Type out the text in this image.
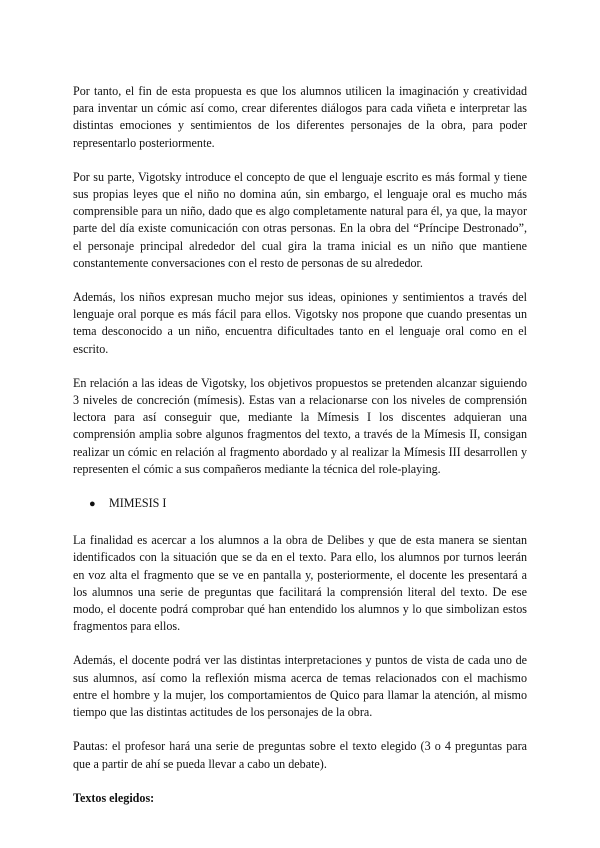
Por tanto, el fin de esta propuesta es que los alumnos utilicen la imaginación y creatividad para inventar un cómic así como, crear diferentes diálogos para cada viñeta e interpretar las distintas emociones y sentimientos de los diferentes personajes de la obra, para poder representarlo posteriormente.

Por su parte, Vigotsky introduce el concepto de que el lenguaje escrito es más formal y tiene sus propias leyes que el niño no domina aún, sin embargo, el lenguaje oral es mucho más comprensible para un niño, dado que es algo completamente natural para él, ya que, la mayor parte del día existe comunicación con otras personas. En la obra del “Príncipe Destronado”, el personaje principal alrededor del cual gira la trama inicial es un niño que mantiene constantemente conversaciones con el resto de personas de su alrededor.

Además, los niños expresan mucho mejor sus ideas, opiniones y sentimientos a través del lenguaje oral porque es más fácil para ellos. Vigotsky nos propone que cuando presentas un tema desconocido a un niño, encuentra dificultades tanto en el lenguaje oral como en el escrito.

En relación a las ideas de Vigotsky, los objetivos propuestos se pretenden alcanzar siguiendo 3 niveles de concreción (mímesis). Estas van a relacionarse con los niveles de comprensión lectora para así conseguir que, mediante la Mímesis I los discentes adquieran una comprensión amplia sobre algunos fragmentos del texto, a través de la Mímesis II, consigan realizar un cómic en relación al fragmento abordado y al realizar la Mímesis III desarrollen y representen el cómic a sus compañeros mediante la técnica del role-playing.

●	MIMESIS I

La finalidad es acercar a los alumnos a la obra de Delibes y que de esta manera se sientan identificados con la situación que se da en el texto. Para ello, los alumnos por turnos leerán en voz alta el fragmento que se ve en pantalla y, posteriormente, el docente les presentará a los alumnos una serie de preguntas que facilitará la comprensión literal del texto. De ese modo, el docente podrá comprobar qué han entendido los alumnos y lo que simbolizan estos fragmentos para ellos.

Además, el docente podrá ver las distintas interpretaciones y puntos de vista de cada uno de sus alumnos, así como la reflexión misma acerca de temas relacionados con el machismo entre el hombre y la mujer, los comportamientos de Quico para llamar la atención, al mismo tiempo que las distintas actitudes de los personajes de la obra.

Pautas: el profesor hará una serie de preguntas sobre el texto elegido (3 o 4 preguntas para que a partir de ahí se pueda llevar a cabo un debate).

Textos elegidos:
